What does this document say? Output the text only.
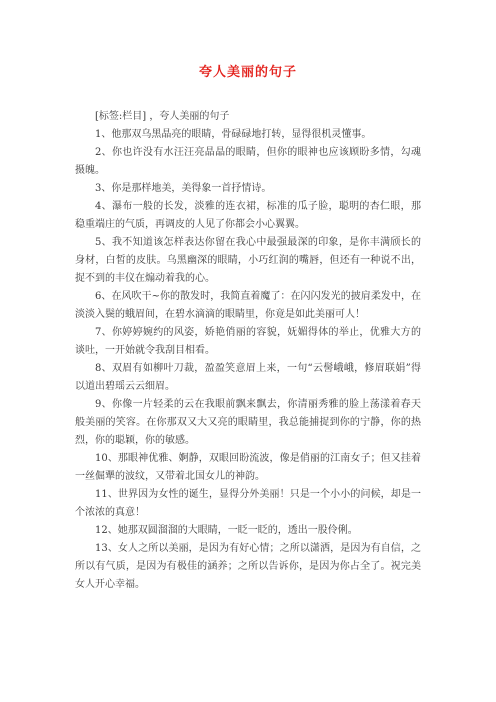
夸人美丽的句子

[标签:栏目] ，夸人美丽的句子

1、他那双乌黑晶亮的眼睛，骨碌碌地打转，显得很机灵懂事。

2、你也许没有水汪汪亮晶晶的眼睛，但你的眼神也应该顾盼多情，勾魂摄魄。

3、你是那样地美，美得象一首抒情诗。

4、瀑布一般的长发，淡雅的连衣裙，标准的瓜子脸，聪明的杏仁眼，那稳重端庄的气质，再调皮的人见了你都会小心翼翼。

5、我不知道该怎样表达你留在我心中最强最深的印象，是你丰满颀长的身材，白皙的皮肤。乌黑幽深的眼睛，小巧红润的嘴唇，但还有一种说不出，捉不到的丰仪在煽动着我的心。

6、在风吹干~你的散发时，我简直着魔了：在闪闪发光的披肩柔发中，在淡淡入鬓的蛾眉间，在碧水滴滴的眼睛里，你竟是如此美丽可人！

7、你婷婷婉约的风姿，娇艳俏丽的容貌，妩媚得体的举止，优雅大方的谈吐，一开始就令我刮目相看。

8、双眉有如柳叶刀裁，盈盈笑意眉上来，一句“云髻峨峨，修眉联娟”得以道出碧瑶云云细眉。

9、你像一片轻柔的云在我眼前飘来飘去，你清丽秀雅的脸上荡漾着春天般美丽的笑容。在你那双又大又亮的眼睛里，我总能捕捉到你的宁静，你的热烈，你的聪颖，你的敏感。

10、那眼神优雅、婀静，双眼回盼流波，像是俏丽的江南女子；但又挂着一丝倔犟的波纹，又带着北国女儿的神韵。

11、世界因为女性的诞生，显得分外美丽！只是一个小小的问候，却是一个浓浓的真意！

12、她那双圆溜溜的大眼睛，一眨一眨的，透出一股伶俐。

13、女人之所以美丽，是因为有好心情；之所以潇洒，是因为有自信，之所以有气质，是因为有极佳的涵养；之所以告诉你，是因为你占全了。祝完美女人开心幸福。
